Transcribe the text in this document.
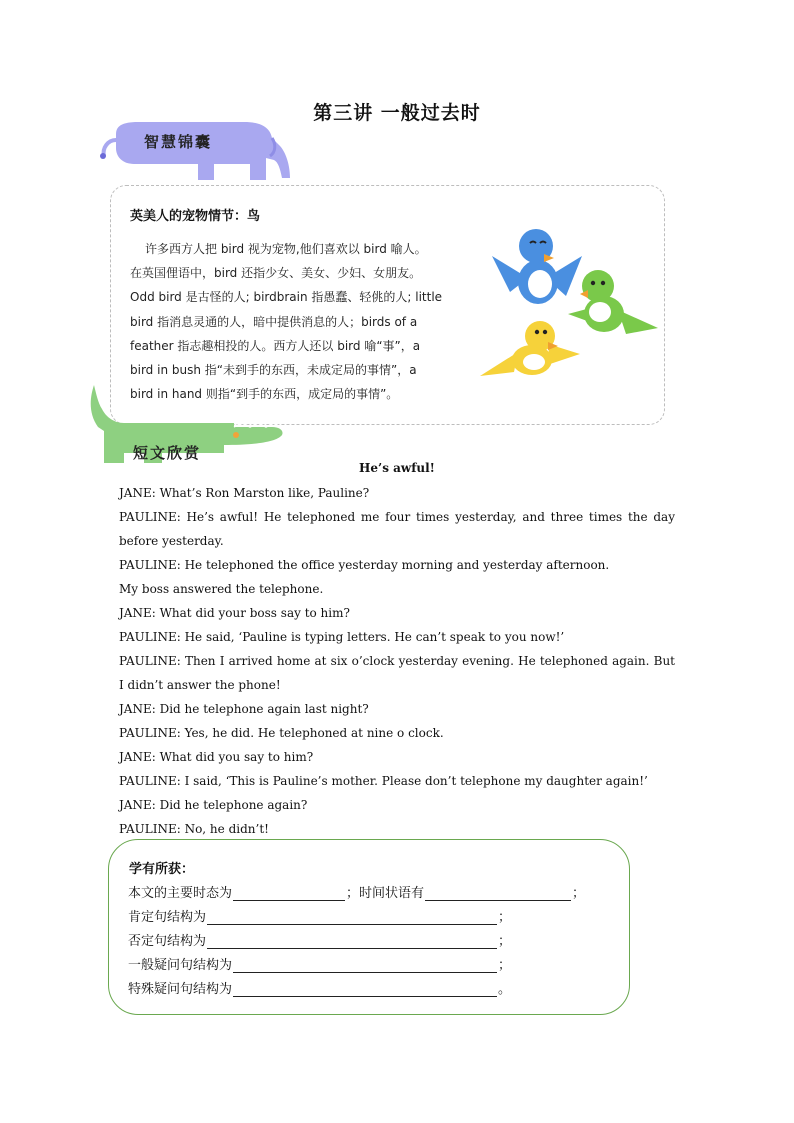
第三讲 一般过去时
智慧锦囊
英美人的宠物情节：鸟
许多西方人把 bird 视为宠物,他们喜欢以 bird 喻人。
在英国俚语中，bird 还指少女、美女、少妇、女朋友。
Odd bird 是古怪的人; birdbrain 指愚蠢、轻佻的人; little
bird 指消息灵通的人，暗中提供消息的人；birds of a
feather 指志趣相投的人。西方人还以 bird 喻“事”，a
bird in bush 指“未到手的东西，未成定局的事情”，a
bird in hand 则指“到手的东西，成定局的事情”。
短文欣赏
He’s awful!
JANE: What’s Ron Marston like, Pauline?
PAULINE: He’s awful! He telephoned me four times yesterday, and three times the day before yesterday.
PAULINE: He telephoned the office yesterday morning and yesterday afternoon.
My boss answered the telephone.
JANE: What did your boss say to him?
PAULINE: He said, ‘Pauline is typing letters. He can’t speak to you now!’
PAULINE: Then I arrived home at six o’clock yesterday evening. He telephoned again. But I didn’t answer the phone!
JANE: Did he telephone again last night?
PAULINE: Yes, he did. He telephoned at nine o clock.
JANE: What did you say to him?
PAULINE: I said, ‘This is Pauline’s mother. Please don’t telephone my daughter again!’
JANE: Did he telephone again?
PAULINE: No, he didn’t!
学有所获：
本文的主要时态为	；时间状语有	；
肯定句结构为	；
否定句结构为	；
一般疑问句结构为	；
特殊疑问句结构为	。
